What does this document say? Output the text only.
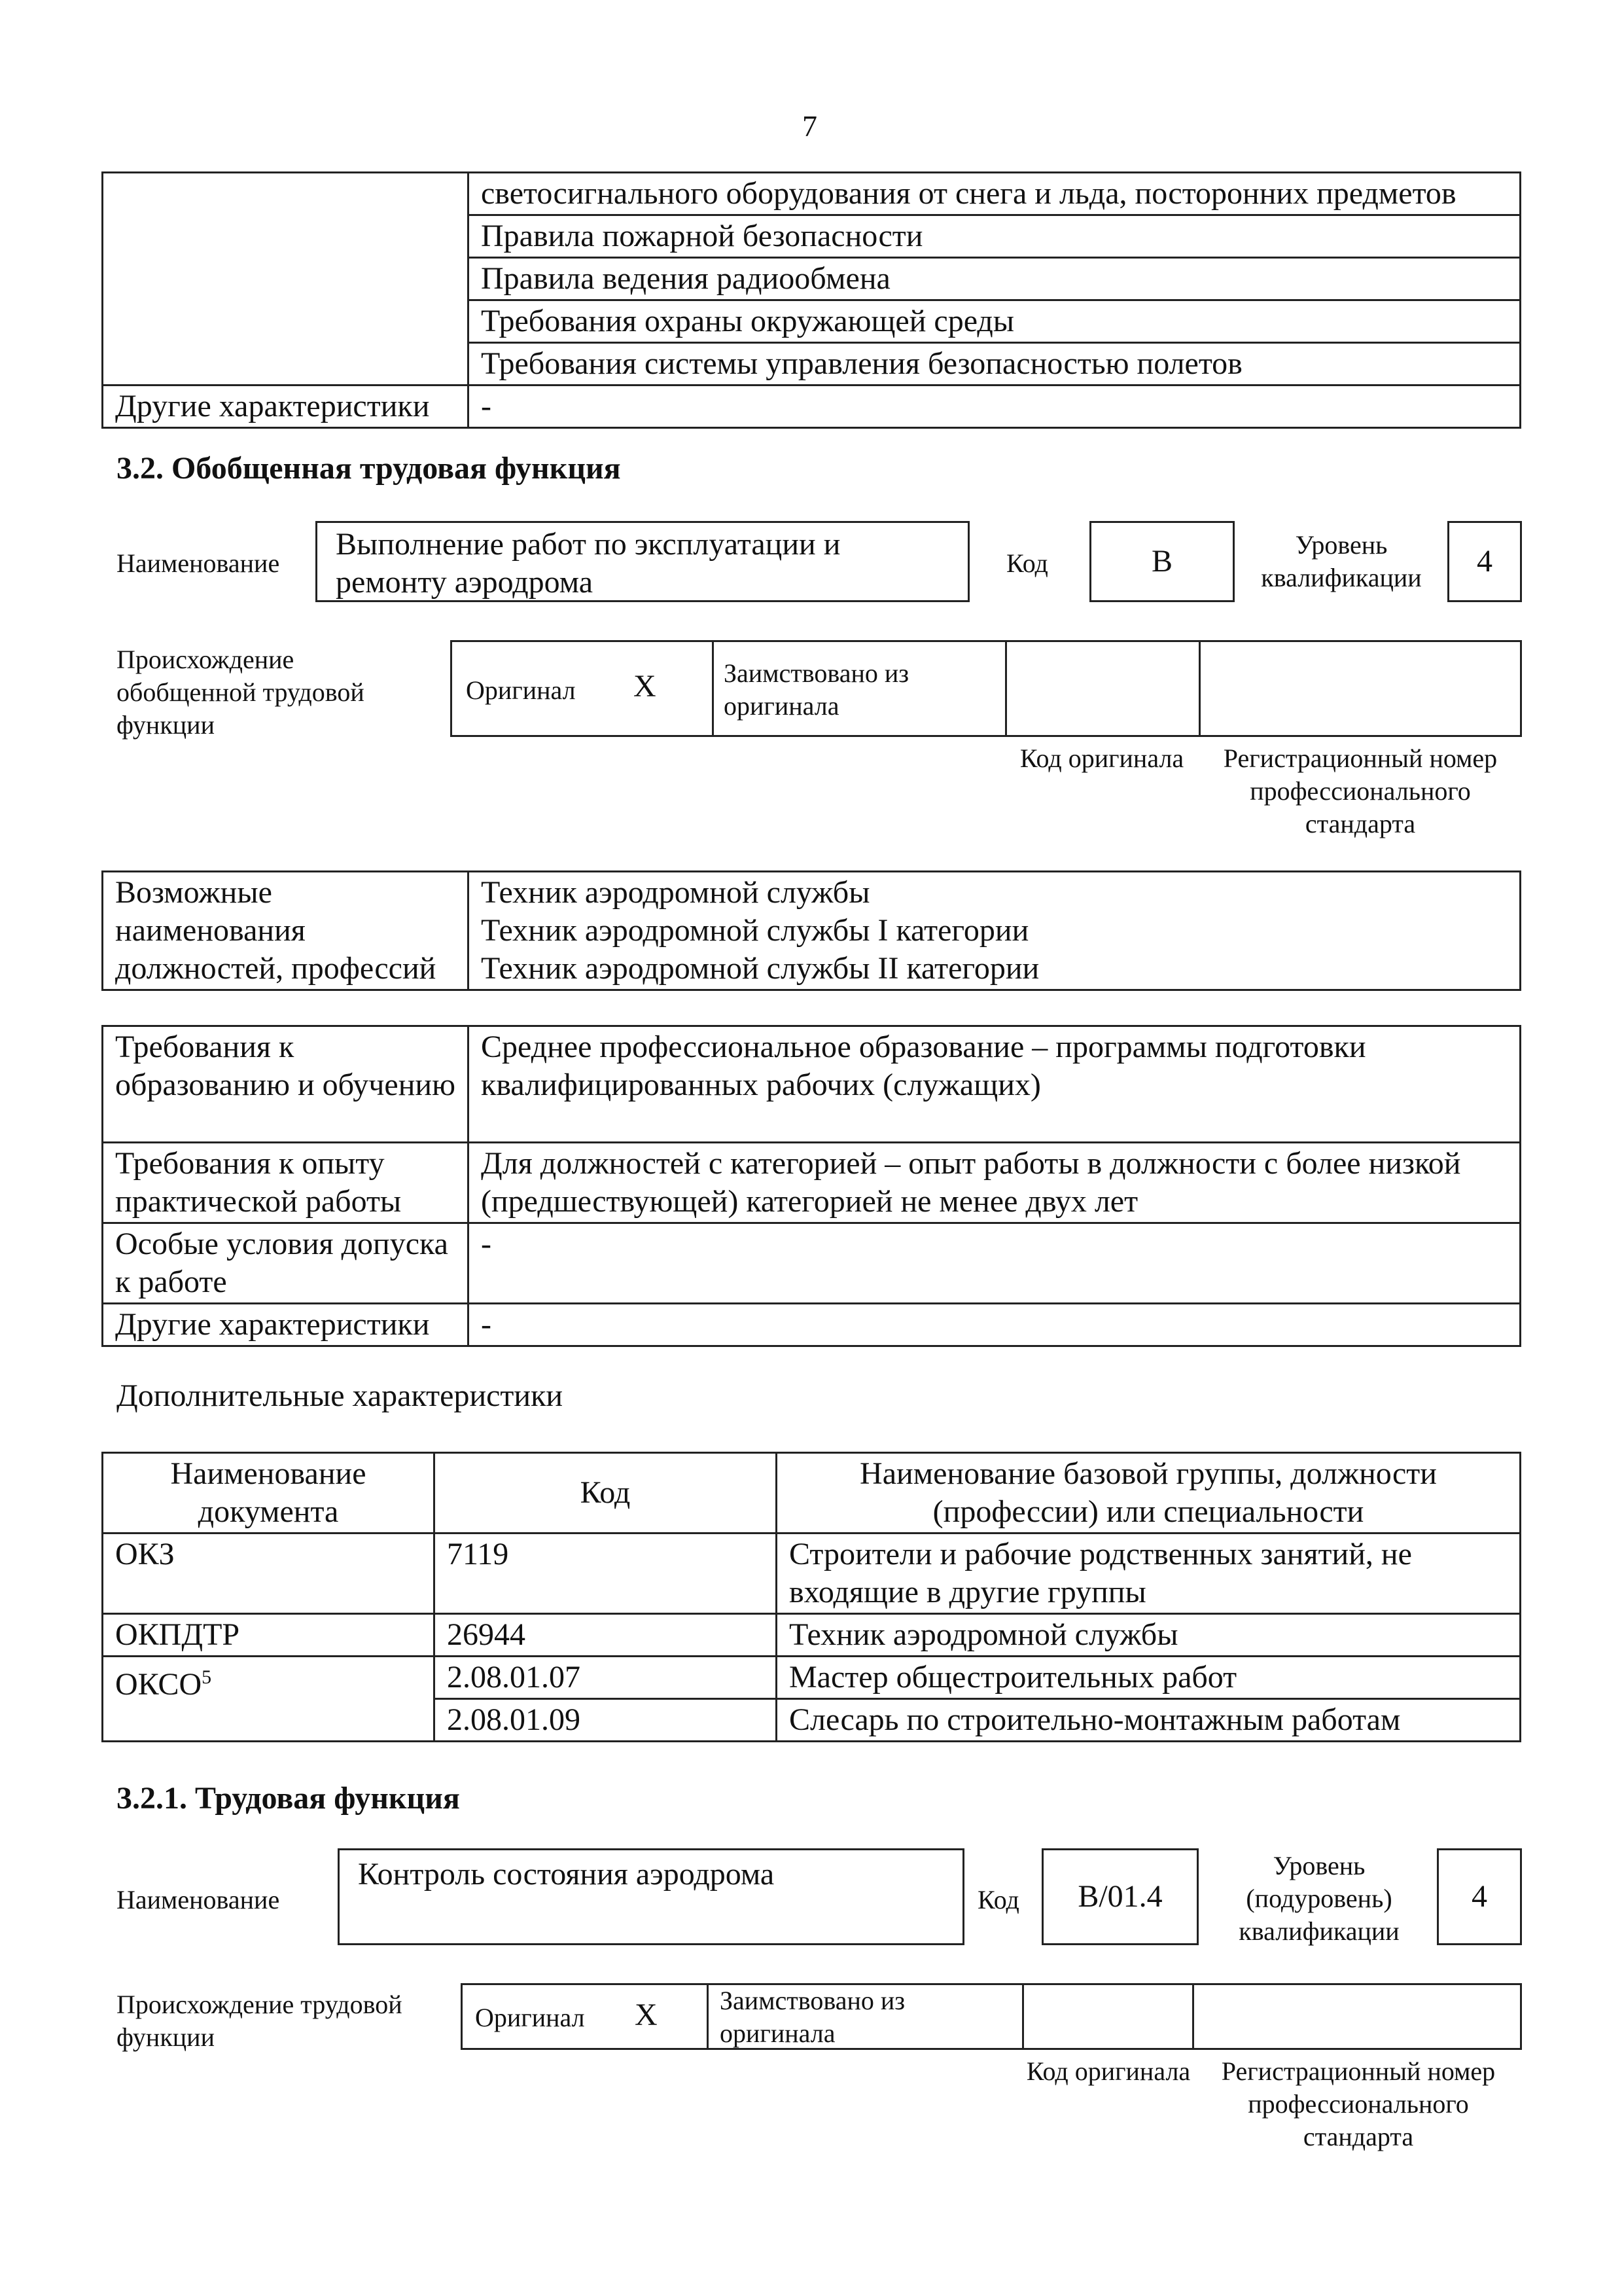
7
	светосигнального оборудования от снега и льда, посторонних предметов
	Правила пожарной безопасности
	Правила ведения радиообмена
	Требования охраны окружающей среды
	Требования системы управления безопасностью полетов
Другие характеристики	-
3.2. Обобщенная трудовая функция
Наименование
Выполнение работ по эксплуатации и ремонту аэродрома
Код	B	Уровень квалификации	4
Происхождение обобщенной трудовой функции
Оригинал X	Заимствовано из оригинала
Код оригинала	Регистрационный номер профессионального стандарта
Возможные наименования должностей, профессий	
Техник аэродромной службы
Техник аэродромной службы I категории
Техник аэродромной службы II категории
Требования к образованию и обучению	Среднее профессиональное образование – программы подготовки квалифицированных рабочих (служащих)
Требования к опыту практической работы	Для должностей с категорией – опыт работы в должности с более низкой (предшествующей) категорией не менее двух лет
Особые условия допуска к работе	-
Другие характеристики	-
Дополнительные характеристики
Наименование документа	Код	Наименование базовой группы, должности (профессии) или специальности
ОКЗ	7119	Строители и рабочие родственных занятий, не входящие в другие группы
ОКПДТР	26944	Техник аэродромной службы
ОКСО$^5$	2.08.01.07	Мастер общестроительных работ
	2.08.01.09	Слесарь по строительно-монтажным работам
3.2.1. Трудовая функция
Наименование
Контроль состояния аэродрома
Код	B/01.4
Уровень (подуровень) квалификации
4
Происхождение трудовой функции
Оригинал X Заимствовано из оригинала
Код оригинала	Регистрационный номер профессионального стандарта
